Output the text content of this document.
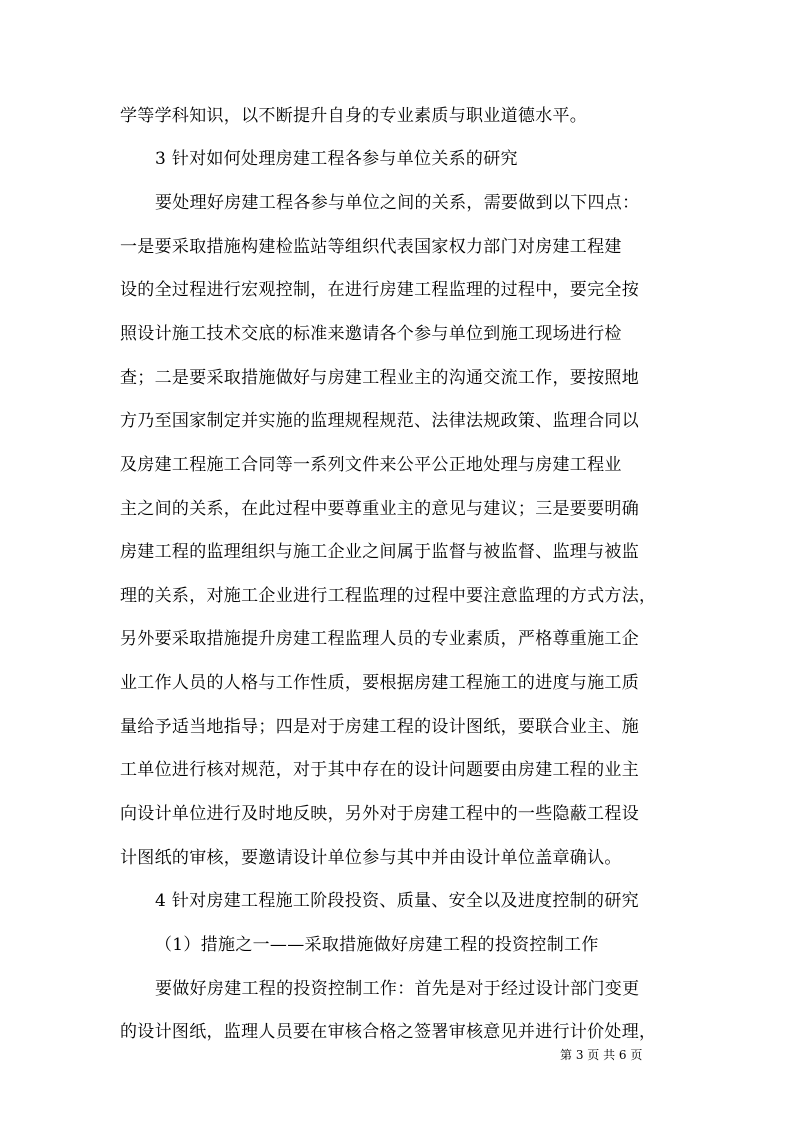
学等学科知识，以不断提升自身的专业素质与职业道德水平。
3 针对如何处理房建工程各参与单位关系的研究
要处理好房建工程各参与单位之间的关系，需要做到以下四点：
一是要采取措施构建检监站等组织代表国家权力部门对房建工程建
设的全过程进行宏观控制，在进行房建工程监理的过程中，要完全按
照设计施工技术交底的标准来邀请各个参与单位到施工现场进行检
查；二是要采取措施做好与房建工程业主的沟通交流工作，要按照地
方乃至国家制定并实施的监理规程规范、法律法规政策、监理合同以
及房建工程施工合同等一系列文件来公平公正地处理与房建工程业
主之间的关系，在此过程中要尊重业主的意见与建议；三是要要明确
房建工程的监理组织与施工企业之间属于监督与被监督、监理与被监
理的关系，对施工企业进行工程监理的过程中要注意监理的方式方法，
另外要采取措施提升房建工程监理人员的专业素质，严格尊重施工企
业工作人员的人格与工作性质，要根据房建工程施工的进度与施工质
量给予适当地指导；四是对于房建工程的设计图纸，要联合业主、施
工单位进行核对规范，对于其中存在的设计问题要由房建工程的业主
向设计单位进行及时地反映，另外对于房建工程中的一些隐蔽工程设
计图纸的审核，要邀请设计单位参与其中并由设计单位盖章确认。
4 针对房建工程施工阶段投资、质量、安全以及进度控制的研究
（1）措施之一——采取措施做好房建工程的投资控制工作
要做好房建工程的投资控制工作：首先是对于经过设计部门变更
的设计图纸，监理人员要在审核合格之签署审核意见并进行计价处理，
第 3 页 共 6 页
